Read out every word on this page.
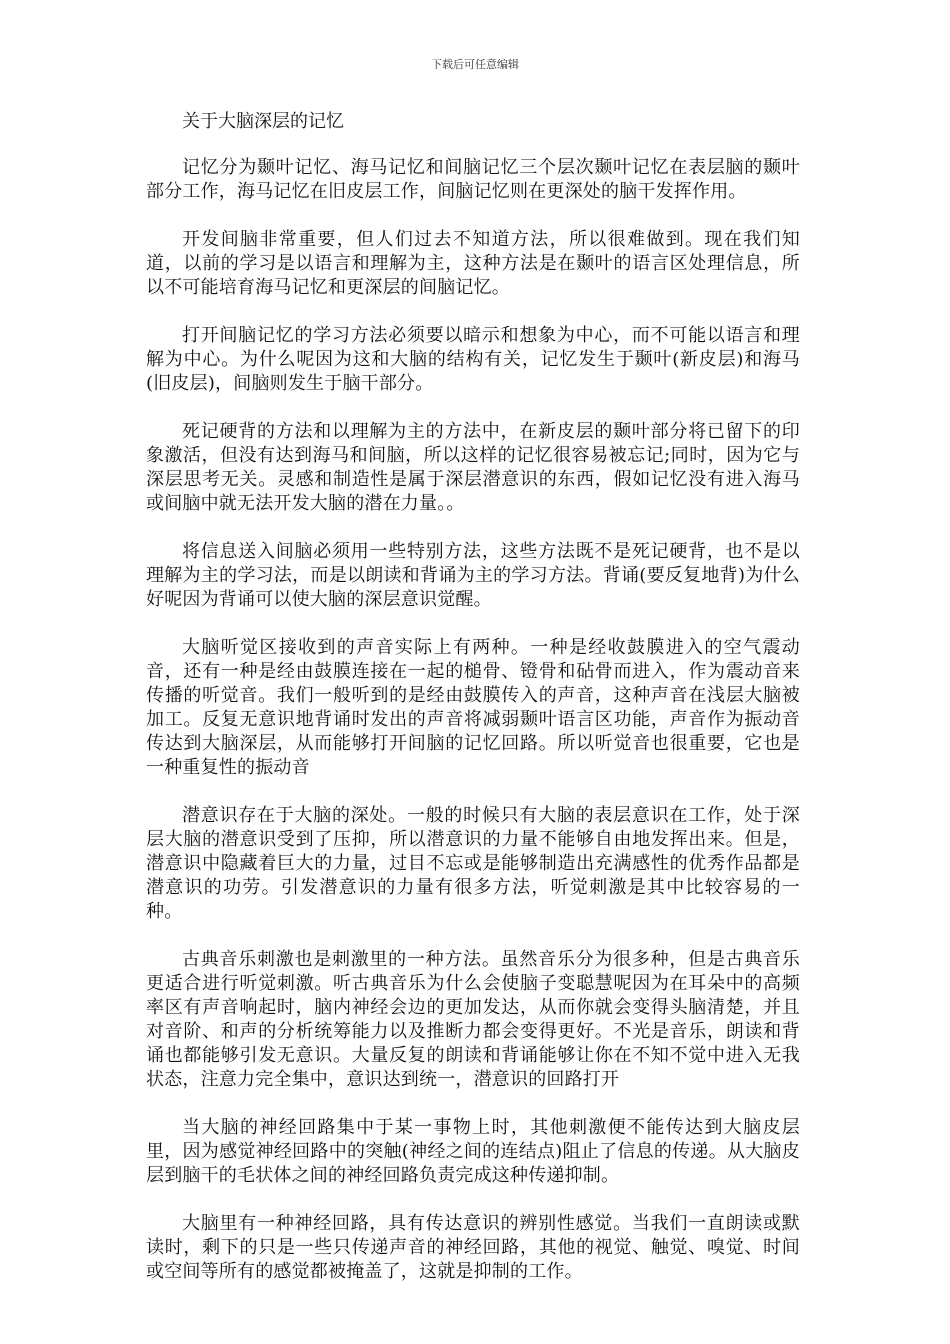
下载后可任意编辑

关于大脑深层的记忆

记忆分为颞叶记忆、海马记忆和间脑记忆三个层次颞叶记忆在表层脑的颞叶部分工作，海马记忆在旧皮层工作，间脑记忆则在更深处的脑干发挥作用。

开发间脑非常重要，但人们过去不知道方法，所以很难做到。现在我们知道，以前的学习是以语言和理解为主，这种方法是在颞叶的语言区处理信息，所以不可能培育海马记忆和更深层的间脑记忆。

打开间脑记忆的学习方法必须要以暗示和想象为中心，而不可能以语言和理解为中心。为什么呢因为这和大脑的结构有关，记忆发生于颞叶(新皮层)和海马(旧皮层)，间脑则发生于脑干部分。

死记硬背的方法和以理解为主的方法中，在新皮层的颞叶部分将已留下的印象激活，但没有达到海马和间脑，所以这样的记忆很容易被忘记;同时，因为它与深层思考无关。灵感和制造性是属于深层潜意识的东西，假如记忆没有进入海马或间脑中就无法开发大脑的潜在力量。。

将信息送入间脑必须用一些特别方法，这些方法既不是死记硬背，也不是以理解为主的学习法，而是以朗读和背诵为主的学习方法。背诵(要反复地背)为什么好呢因为背诵可以使大脑的深层意识觉醒。

大脑听觉区接收到的声音实际上有两种。一种是经收鼓膜进入的空气震动音，还有一种是经由鼓膜连接在一起的槌骨、镫骨和砧骨而进入，作为震动音来传播的听觉音。我们一般听到的是经由鼓膜传入的声音，这种声音在浅层大脑被加工。反复无意识地背诵时发出的声音将减弱颞叶语言区功能，声音作为振动音传达到大脑深层，从而能够打开间脑的记忆回路。所以听觉音也很重要，它也是一种重复性的振动音

潜意识存在于大脑的深处。一般的时候只有大脑的表层意识在工作，处于深层大脑的潜意识受到了压抑，所以潜意识的力量不能够自由地发挥出来。但是，潜意识中隐藏着巨大的力量，过目不忘或是能够制造出充满感性的优秀作品都是潜意识的功劳。引发潜意识的力量有很多方法，听觉刺激是其中比较容易的一种。

古典音乐刺激也是刺激里的一种方法。虽然音乐分为很多种，但是古典音乐更适合进行听觉刺激。听古典音乐为什么会使脑子变聪慧呢因为在耳朵中的高频率区有声音响起时，脑内神经会边的更加发达，从而你就会变得头脑清楚，并且对音阶、和声的分析统筹能力以及推断力都会变得更好。不光是音乐，朗读和背诵也都能够引发无意识。大量反复的朗读和背诵能够让你在不知不觉中进入无我状态，注意力完全集中，意识达到统一，潜意识的回路打开

当大脑的神经回路集中于某一事物上时，其他刺激便不能传达到大脑皮层里，因为感觉神经回路中的突触(神经之间的连结点)阻止了信息的传递。从大脑皮层到脑干的毛状体之间的神经回路负责完成这种传递抑制。

大脑里有一种神经回路，具有传达意识的辨别性感觉。当我们一直朗读或默读时，剩下的只是一些只传递声音的神经回路，其他的视觉、触觉、嗅觉、时间或空间等所有的感觉都被掩盖了，这就是抑制的工作。
